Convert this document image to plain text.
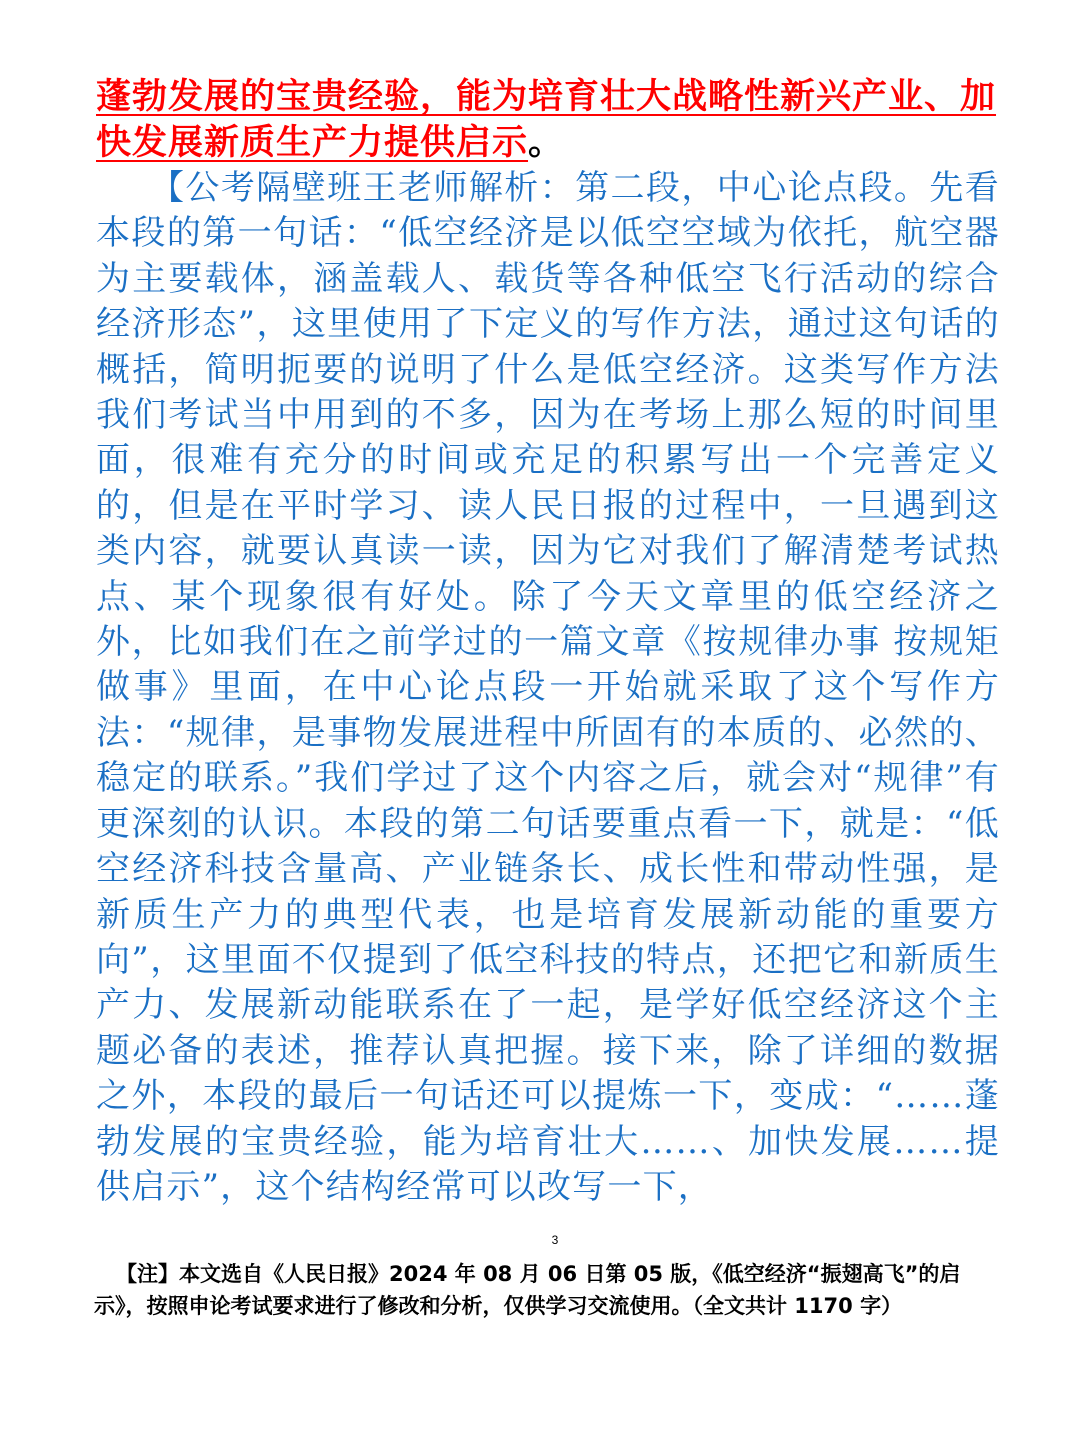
蓬勃发展的宝贵经验，能为培育壮大战略性新兴产业、加快发展新质生产力提供启示。
【公考隔壁班王老师解析：第二段，中心论点段。先看本段的第一句话：“低空经济是以低空空域为依托，航空器为主要载体，涵盖载人、载货等各种低空飞行活动的综合经济形态”，这里使用了下定义的写作方法，通过这句话的概括，简明扼要的说明了什么是低空经济。这类写作方法我们考试当中用到的不多，因为在考场上那么短的时间里面，很难有充分的时间或充足的积累写出一个完善定义的，但是在平时学习、读人民日报的过程中，一旦遇到这类内容，就要认真读一读，因为它对我们了解清楚考试热点、某个现象很有好处。除了今天文章里的低空经济之外，比如我们在之前学过的一篇文章《按规律办事 按规矩做事》里面，在中心论点段一开始就采取了这个写作方法：“规律，是事物发展进程中所固有的本质的、必然的、稳定的联系。”我们学过了这个内容之后，就会对“规律”有更深刻的认识。本段的第二句话要重点看一下，就是：“低空经济科技含量高、产业链条长、成长性和带动性强，是新质生产力的典型代表，也是培育发展新动能的重要方向”，这里面不仅提到了低空科技的特点，还把它和新质生产力、发展新动能联系在了一起，是学好低空经济这个主题必备的表述，推荐认真把握。接下来，除了详细的数据之外，本段的最后一句话还可以提炼一下，变成：“……蓬勃发展的宝贵经验，能为培育壮大……、加快发展……提供启示”，这个结构经常可以改写一下，
3
【注】本文选自《人民日报》2024 年 08 月 06 日第 05 版，《低空经济“振翅高飞”的启示》，按照申论考试要求进行了修改和分析，仅供学习交流使用。（全文共计 1170 字）
